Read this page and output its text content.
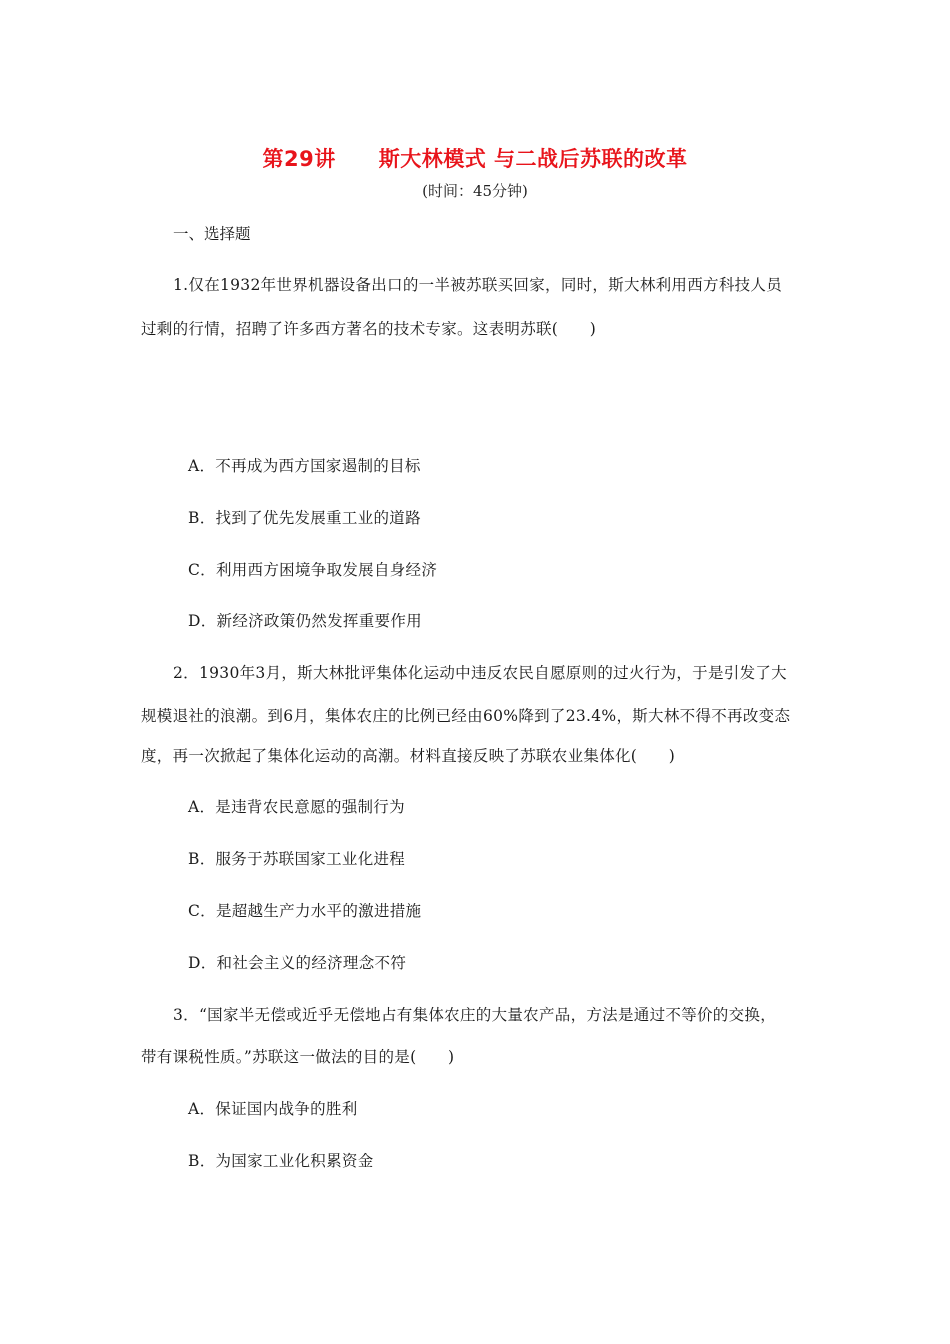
第29讲　　斯大林模式 与二战后苏联的改革
(时间：45分钟)
一、选择题
1.仅在1932年世界机器设备出口的一半被苏联买回家，同时，斯大林利用西方科技人员
过剩的行情，招聘了许多西方著名的技术专家。这表明苏联(　　)
A．不再成为西方国家遏制的目标
B．找到了优先发展重工业的道路
C．利用西方困境争取发展自身经济
D．新经济政策仍然发挥重要作用
2．1930年3月，斯大林批评集体化运动中违反农民自愿原则的过火行为，于是引发了大
规模退社的浪潮。到6月，集体农庄的比例已经由60%降到了23.4%，斯大林不得不再改变态
度，再一次掀起了集体化运动的高潮。材料直接反映了苏联农业集体化(　　)
A．是违背农民意愿的强制行为
B．服务于苏联国家工业化进程
C．是超越生产力水平的激进措施
D．和社会主义的经济理念不符
3．“国家半无偿或近乎无偿地占有集体农庄的大量农产品，方法是通过不等价的交换，
带有课税性质。”苏联这一做法的目的是(　　)
A．保证国内战争的胜利
B．为国家工业化积累资金
